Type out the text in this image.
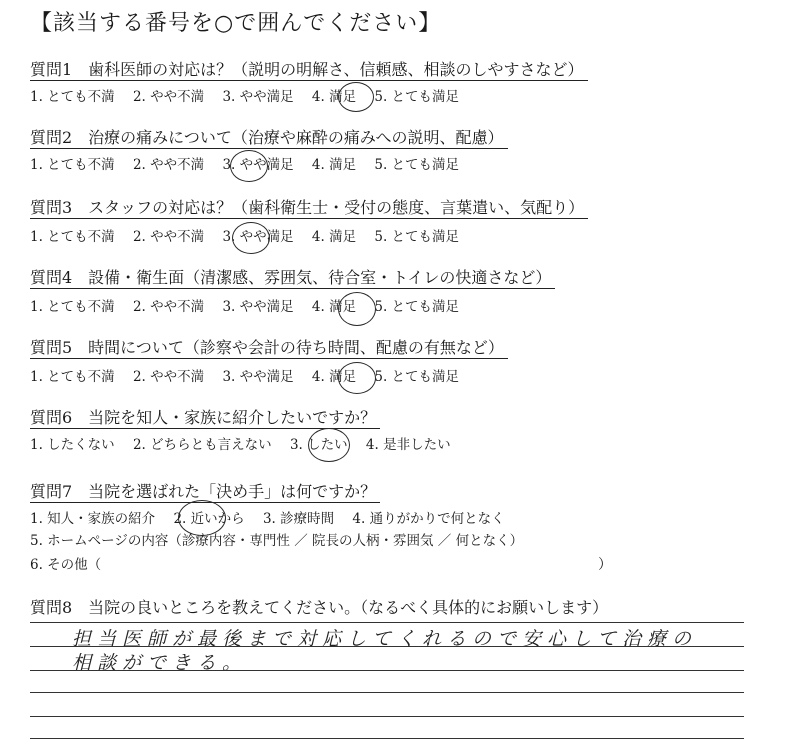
【該当する番号を○で囲んでください】
質問1　歯科医師の対応は？（説明の明解さ、信頼感、相談のしやすさなど）
1. とても不満 2. やや不満 3. やや満足 4. 満足 5. とても満足
質問2　治療の痛みについて（治療や麻酔の痛みへの説明、配慮）
1. とても不満 2. やや不満 3. やや満足 4. 満足 5. とても満足
質問3　スタッフの対応は？（歯科衛生士・受付の態度、言葉遣い、気配り）
1. とても不満 2. やや不満 3. やや満足 4. 満足 5. とても満足
質問4　設備・衛生面（清潔感、雰囲気、待合室・トイレの快適さなど）
1. とても不満 2. やや不満 3. やや満足 4. 満足 5. とても満足
質問5　時間について（診察や会計の待ち時間、配慮の有無など）
1. とても不満 2. やや不満 3. やや満足 4. 満足 5. とても満足
質問6　当院を知人・家族に紹介したいですか？
1. したくない 2. どちらとも言えない 3. したい 4. 是非したい
質問7　当院を選ばれた「決め手」は何ですか？
1. 知人・家族の紹介 2. 近いから 3. 診療時間 4. 通りがかりで何となく
5. ホームページの内容（診療内容・専門性 ／ 院長の人柄・雰囲気 ／ 何となく）
6. その他（	）
質問8　当院の良いところを教えてください。（なるべく具体的にお願いします）
担当医師が最後まで対応してくれるので安心して治療の
相談ができる。
